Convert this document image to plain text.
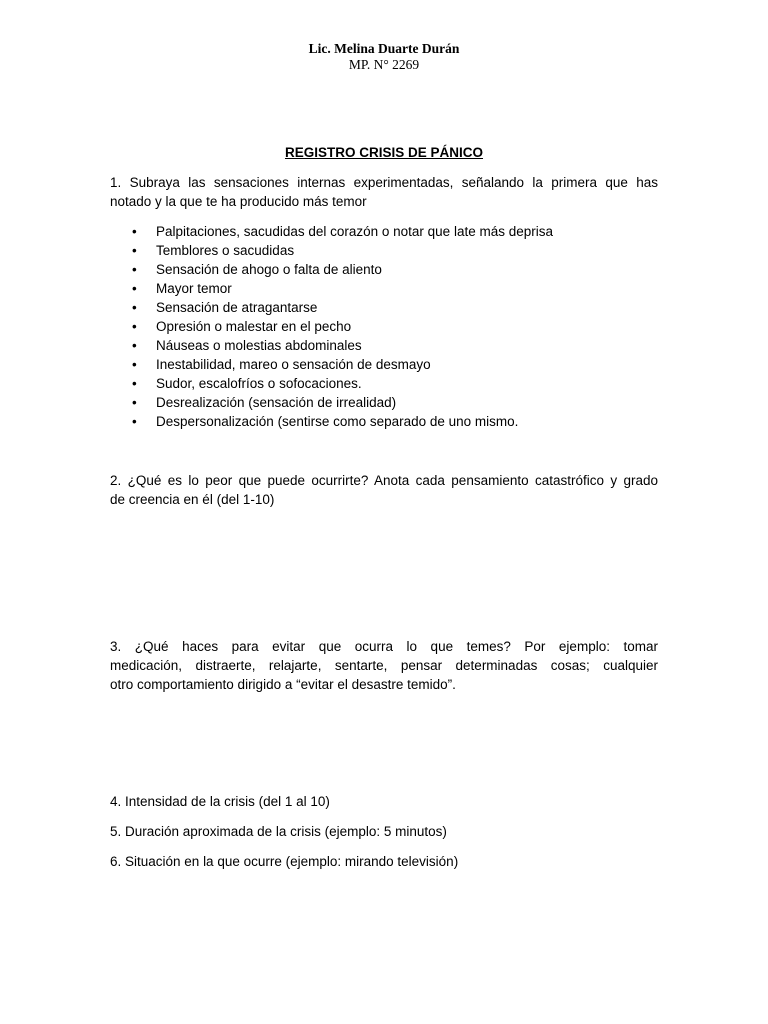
Lic. Melina Duarte Durán
MP. N° 2269
REGISTRO CRISIS DE PÁNICO
1. Subraya las sensaciones internas experimentadas, señalando la primera que has
notado y la que te ha producido más temor
• Palpitaciones, sacudidas del corazón o notar que late más deprisa
• Temblores o sacudidas
• Sensación de ahogo o falta de aliento
• Mayor temor
• Sensación de atragantarse
• Opresión o malestar en el pecho
• Náuseas o molestias abdominales
• Inestabilidad, mareo o sensación de desmayo
• Sudor, escalofríos o sofocaciones.
• Desrealización (sensación de irrealidad)
• Despersonalización (sentirse como separado de uno mismo.
2. ¿Qué es lo peor que puede ocurrirte? Anota cada pensamiento catastrófico y grado
de creencia en él (del 1-10)
3. ¿Qué haces para evitar que ocurra lo que temes? Por ejemplo: tomar
medicación, distraerte, relajarte, sentarte, pensar determinadas cosas; cualquier
otro comportamiento dirigido a “evitar el desastre temido”.
4. Intensidad de la crisis (del 1 al 10)
5. Duración aproximada de la crisis (ejemplo: 5 minutos)
6. Situación en la que ocurre (ejemplo: mirando televisión)
